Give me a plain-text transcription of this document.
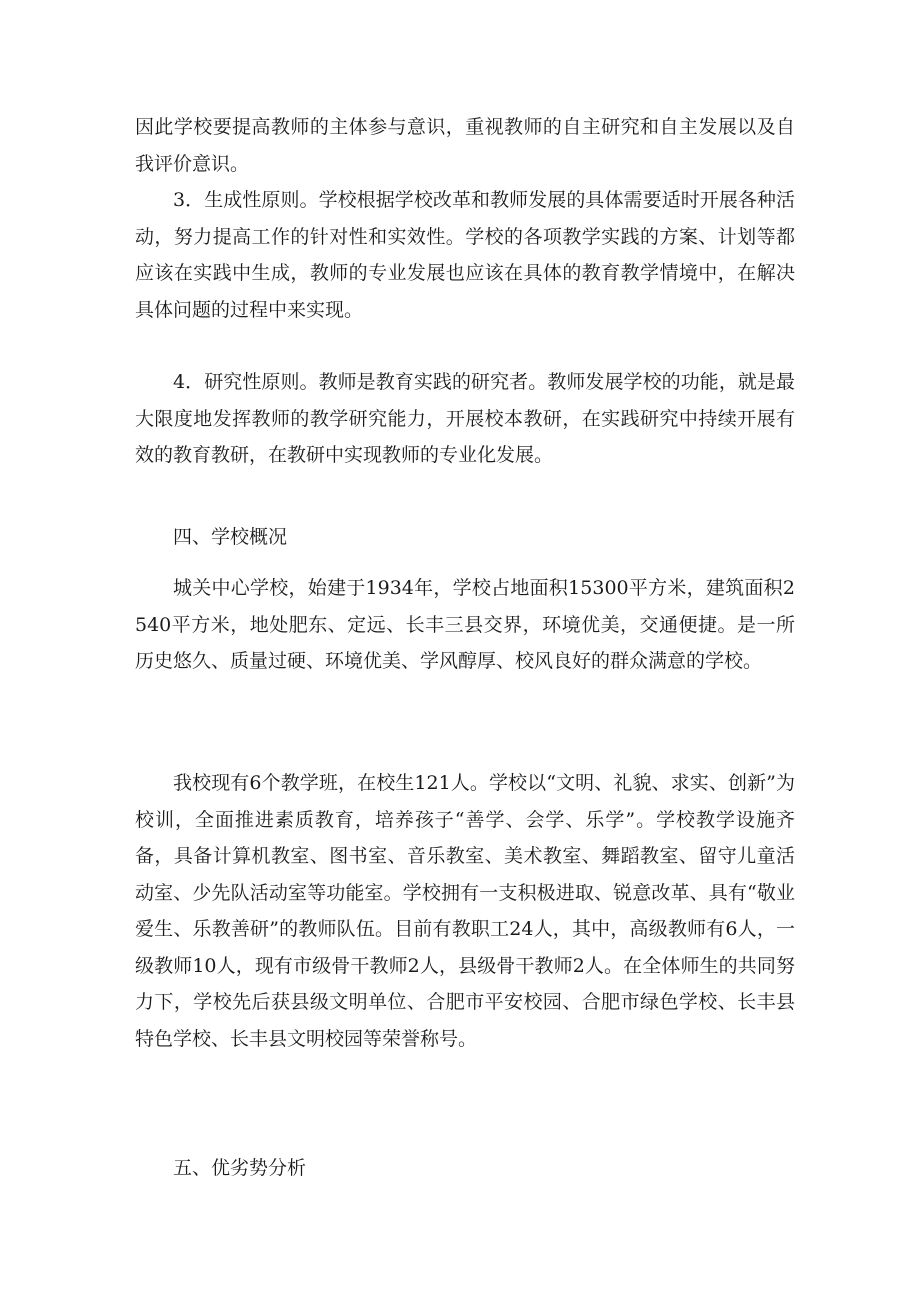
因此学校要提高教师的主体参与意识，重视教师的自主研究和自主发展以及自我评价意识。

3．生成性原则。学校根据学校改革和教师发展的具体需要适时开展各种活动，努力提高工作的针对性和实效性。学校的各项教学实践的方案、计划等都应该在实践中生成，教师的专业发展也应该在具体的教育教学情境中，在解决具体问题的过程中来实现。

4．研究性原则。教师是教育实践的研究者。教师发展学校的功能，就是最大限度地发挥教师的教学研究能力，开展校本教研，在实践研究中持续开展有效的教育教研，在教研中实现教师的专业化发展。

四、学校概况

城关中心学校，始建于1934年，学校占地面积15300平方米，建筑面积2540平方米，地处肥东、定远、长丰三县交界，环境优美，交通便捷。是一所历史悠久、质量过硬、环境优美、学风醇厚、校风良好的群众满意的学校。

我校现有6个教学班，在校生121人。学校以“文明、礼貌、求实、创新”为校训，全面推进素质教育，培养孩子“善学、会学、乐学”。学校教学设施齐备，具备计算机教室、图书室、音乐教室、美术教室、舞蹈教室、留守儿童活动室、少先队活动室等功能室。学校拥有一支积极进取、锐意改革、具有“敬业爱生、乐教善研”的教师队伍。目前有教职工24人，其中，高级教师有6人，一级教师10人，现有市级骨干教师2人，县级骨干教师2人。在全体师生的共同努力下，学校先后获县级文明单位、合肥市平安校园、合肥市绿色学校、长丰县特色学校、长丰县文明校园等荣誉称号。

五、优劣势分析
